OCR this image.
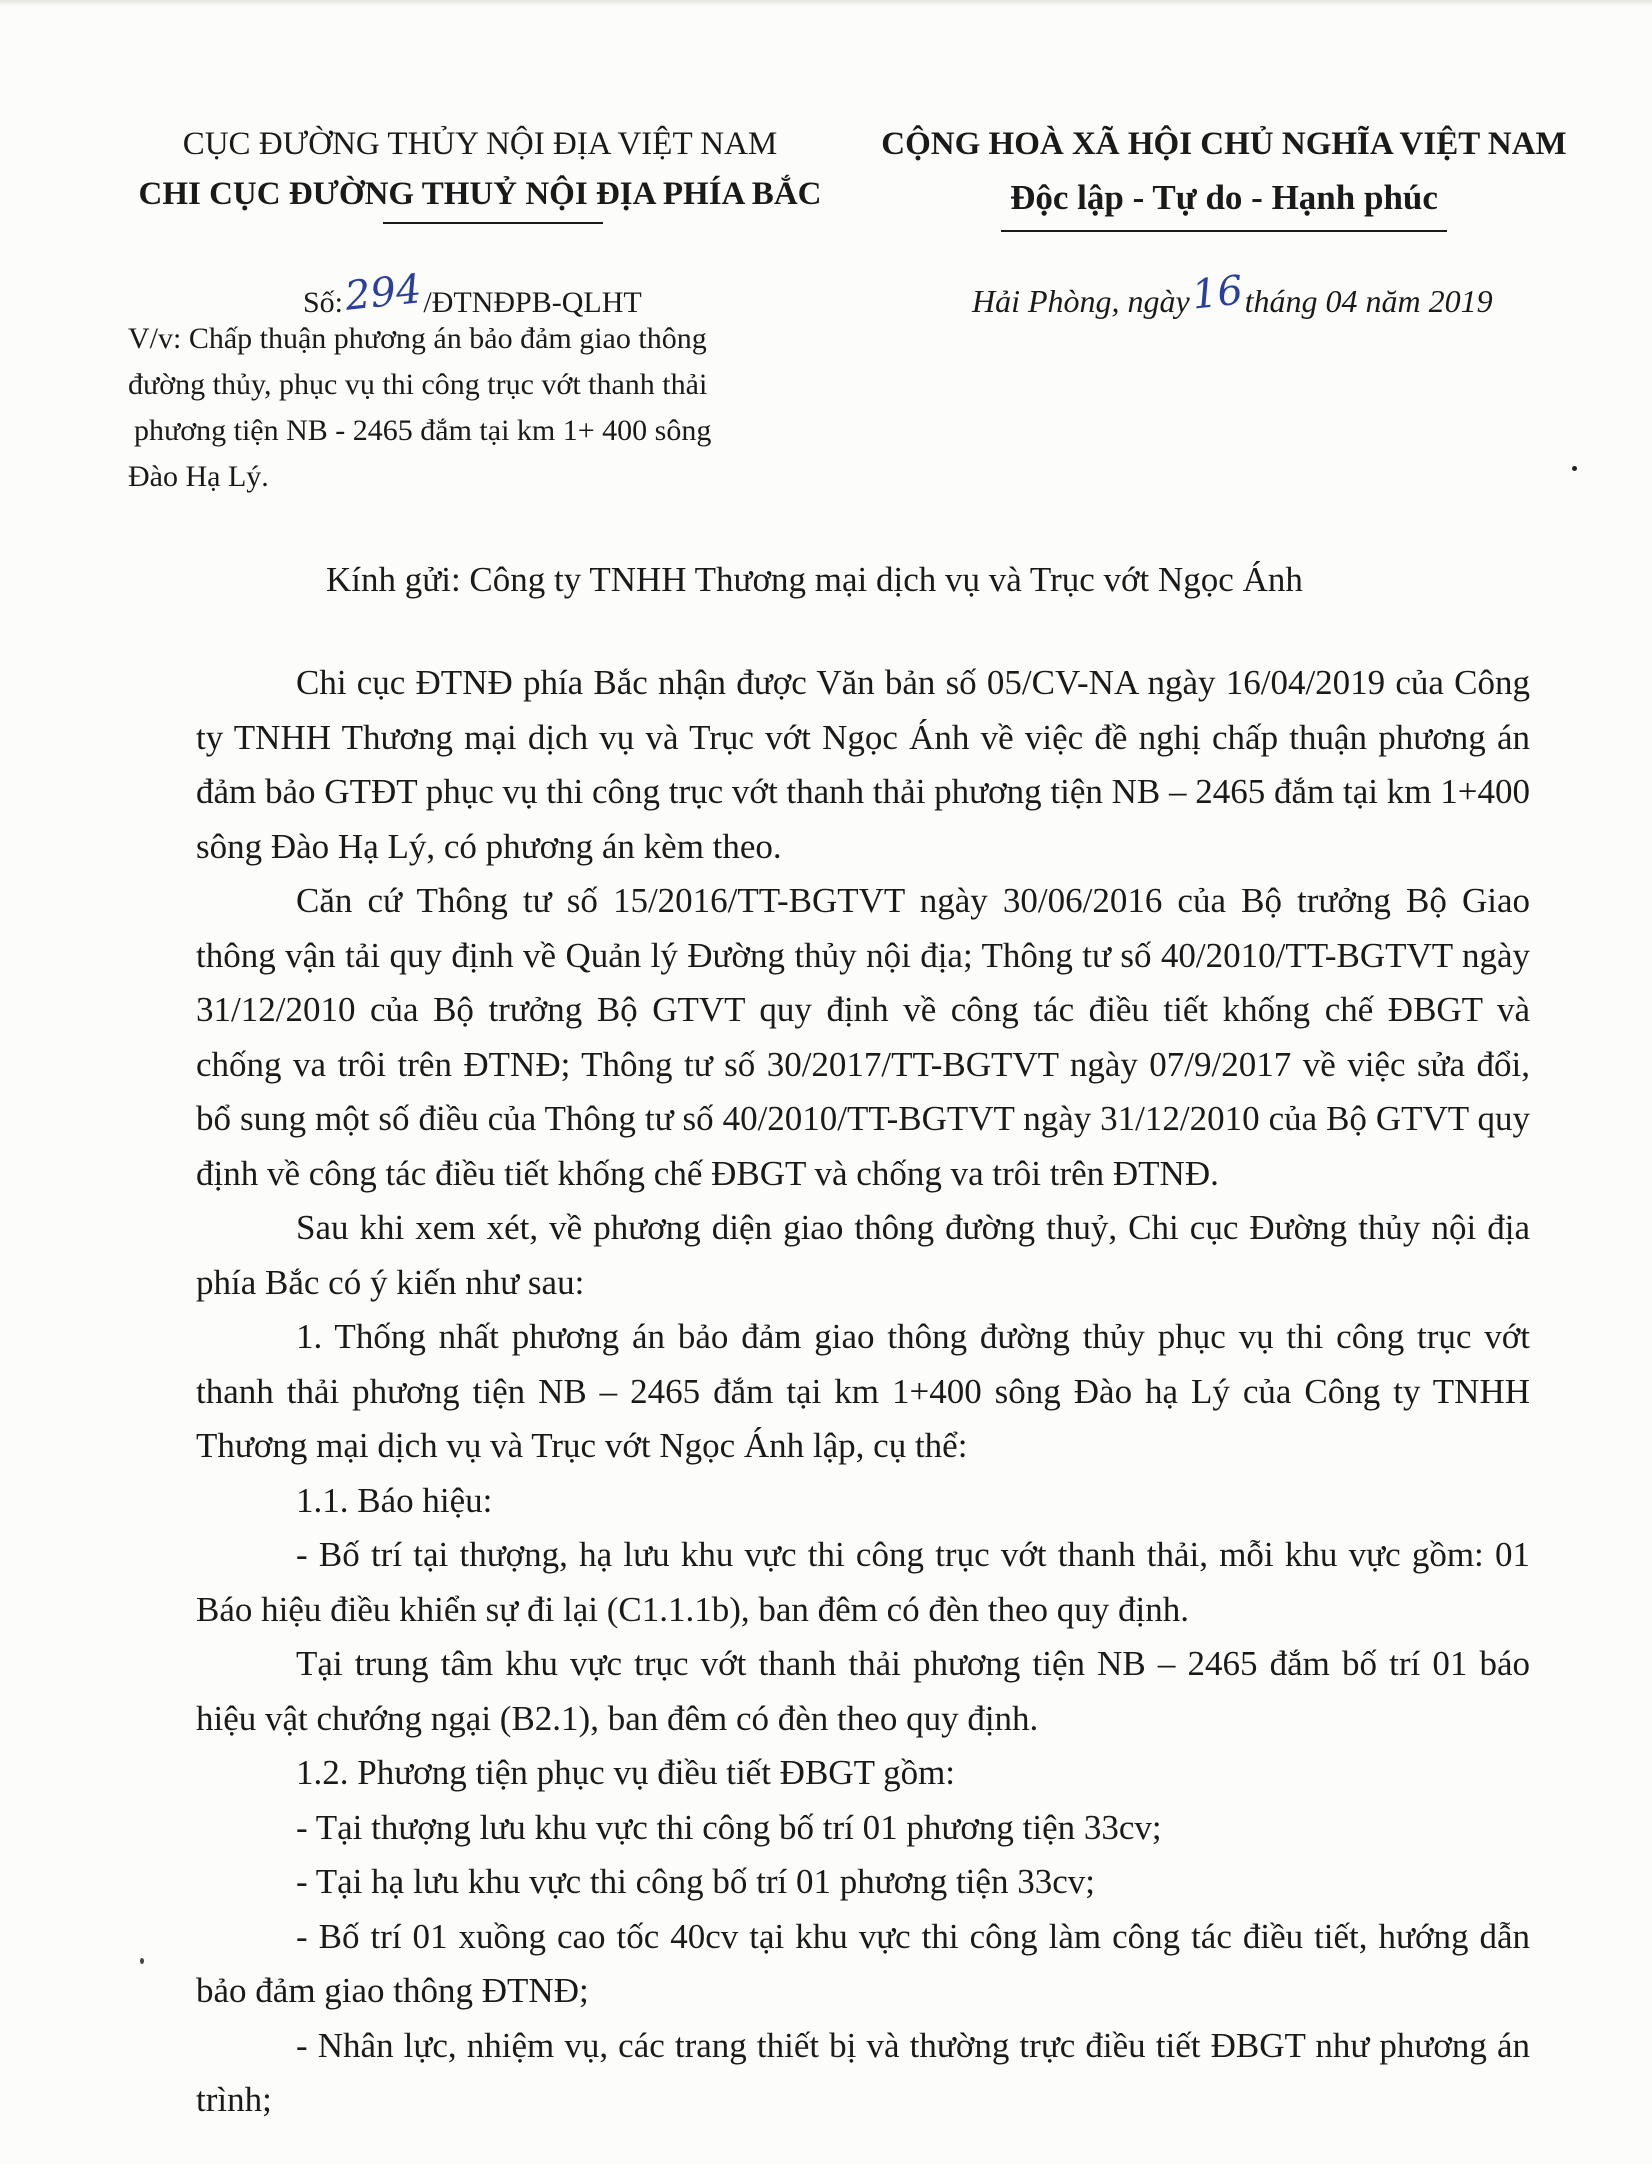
CỤC ĐƯỜNG THỦY NỘI ĐỊA VIỆT NAM
CHI CỤC ĐƯỜNG THUỶ NỘI ĐỊA PHÍA BẮC
CỘNG HOÀ XÃ HỘI CHỦ NGHĨA VIỆT NAM
Độc lập - Tự do - Hạnh phúc
Số:294/ĐTNĐPB-QLHT	Hải Phòng, ngày16tháng 04 năm 2019
V/v: Chấp thuận phương án bảo đảm giao thông
đường thủy, phục vụ thi công trục vớt thanh thải
phương tiện NB - 2465 đắm tại km 1+ 400 sông
Đào Hạ Lý.
Kính gửi: Công ty TNHH Thương mại dịch vụ và Trục vớt Ngọc Ánh

Chi cục ĐTNĐ phía Bắc nhận được Văn bản số 05/CV-NA ngày 16/04/2019 của Công ty TNHH Thương mại dịch vụ và Trục vớt Ngọc Ánh về việc đề nghị chấp thuận phương án đảm bảo GTĐT phục vụ thi công trục vớt thanh thải phương tiện NB – 2465 đắm tại km 1+400 sông Đào Hạ Lý, có phương án kèm theo.

Căn cứ Thông tư số 15/2016/TT-BGTVT ngày 30/06/2016 của Bộ trưởng Bộ Giao thông vận tải quy định về Quản lý Đường thủy nội địa; Thông tư số 40/2010/TT-BGTVT ngày 31/12/2010 của Bộ trưởng Bộ GTVT quy định về công tác điều tiết khống chế ĐBGT và chống va trôi trên ĐTNĐ; Thông tư số 30/2017/TT-BGTVT ngày 07/9/2017 về việc sửa đổi, bổ sung một số điều của Thông tư số 40/2010/TT-BGTVT ngày 31/12/2010 của Bộ GTVT quy định về công tác điều tiết khống chế ĐBGT và chống va trôi trên ĐTNĐ.

Sau khi xem xét, về phương diện giao thông đường thuỷ, Chi cục Đường thủy nội địa phía Bắc có ý kiến như sau:

1. Thống nhất phương án bảo đảm giao thông đường thủy phục vụ thi công trục vớt thanh thải phương tiện NB – 2465 đắm tại km 1+400 sông Đào hạ Lý của Công ty TNHH Thương mại dịch vụ và Trục vớt Ngọc Ánh lập, cụ thể:

1.1. Báo hiệu:

- Bố trí tại thượng, hạ lưu khu vực thi công trục vớt thanh thải, mỗi khu vực gồm: 01 Báo hiệu điều khiển sự đi lại (C1.1.1b), ban đêm có đèn theo quy định.

Tại trung tâm khu vực trục vớt thanh thải phương tiện NB – 2465 đắm bố trí 01 báo hiệu vật chướng ngại (B2.1), ban đêm có đèn theo quy định.

1.2. Phương tiện phục vụ điều tiết ĐBGT gồm:

- Tại thượng lưu khu vực thi công bố trí 01 phương tiện 33cv;

- Tại hạ lưu khu vực thi công bố trí 01 phương tiện 33cv;

- Bố trí 01 xuồng cao tốc 40cv tại khu vực thi công làm công tác điều tiết, hướng dẫn bảo đảm giao thông ĐTNĐ;

- Nhân lực, nhiệm vụ, các trang thiết bị và thường trực điều tiết ĐBGT như phương án trình;
